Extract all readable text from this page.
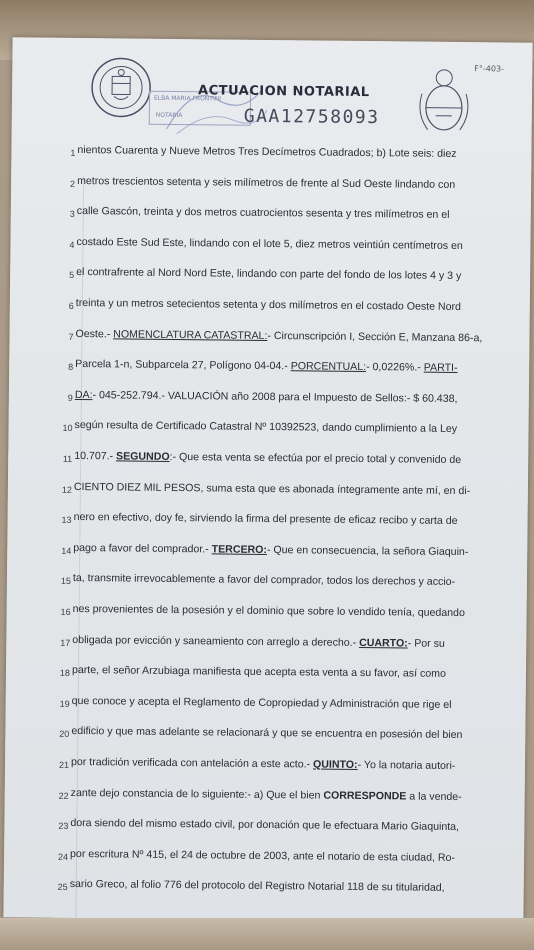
ELBA MARIA FRONTINI
NOTARIA
ACTUACION NOTARIAL
GAA12758093
F°-403-
1 nientos Cuarenta y Nueve Metros Tres Decímetros Cuadrados; b) Lote seis: diez
2 metros trescientos setenta y seis milímetros de frente al Sud Oeste lindando con
3 calle Gascón, treinta y dos metros cuatrocientos sesenta y tres milímetros en el
4 costado Este Sud Este, lindando con el lote 5, diez metros veintiún centímetros en
5 el contrafrente al Nord Nord Este, lindando con parte del fondo de los lotes 4 y 3 y
6 treinta y un metros setecientos setenta y dos milímetros en el costado Oeste Nord
7 Oeste.- NOMENCLATURA CATASTRAL:- Circunscripción I, Sección E, Manzana 86-a,
8 Parcela 1-n, Subparcela 27, Polígono 04-04.- PORCENTUAL:- 0,0226%.- PARTI-
9 DA:- 045-252.794.- VALUACIÓN año 2008 para el Impuesto de Sellos:- $ 60.438,
10 según resulta de Certificado Catastral Nº 10392523, dando cumplimiento a la Ley
11 10.707.- SEGUNDO:- Que esta venta se efectúa por el precio total y convenido de
12 CIENTO DIEZ MIL PESOS, suma esta que es abonada íntegramente ante mí, en di-
13 nero en efectivo, doy fe, sirviendo la firma del presente de eficaz recibo y carta de
14 pago a favor del comprador.- TERCERO:- Que en consecuencia, la señora Giaquin-
15 ta, transmite irrevocablemente a favor del comprador, todos los derechos y accio-
16 nes provenientes de la posesión y el dominio que sobre lo vendido tenía, quedando
17 obligada por evicción y saneamiento con arreglo a derecho.- CUARTO:- Por su
18 parte, el señor Arzubiaga manifiesta que acepta esta venta a su favor, así como
19 que conoce y acepta el Reglamento de Copropiedad y Administración que rige el
20 edificio y que mas adelante se relacionará y que se encuentra en posesión del bien
21 por tradición verificada con antelación a este acto.- QUINTO:- Yo la notaria autori-
22 zante dejo constancia de lo siguiente:- a) Que el bien CORRESPONDE a la vende-
23 dora siendo del mismo estado civil, por donación que le efectuara Mario Giaquinta,
24 por escritura Nº 415, el 24 de octubre de 2003, ante el notario de esta ciudad, Ro-
25 sario Greco, al folio 776 del protocolo del Registro Notarial 118 de su titularidad,
